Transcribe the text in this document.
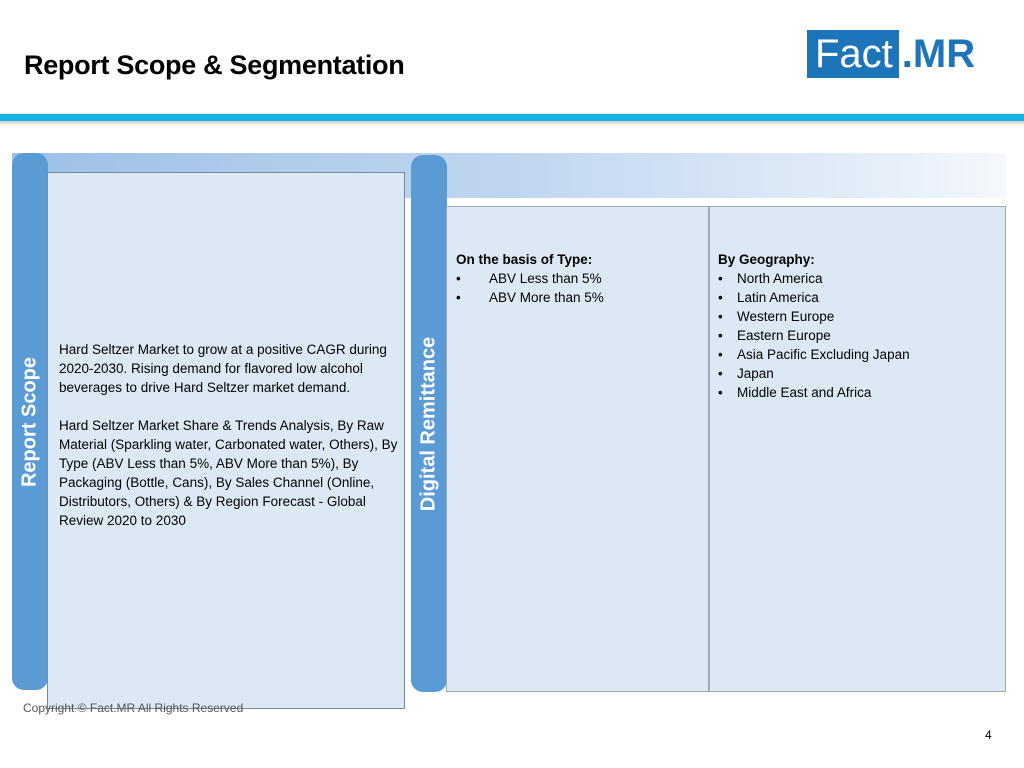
Report Scope & Segmentation	Fact .MR
Report Scope

Hard Seltzer Market to grow at a positive CAGR during 2020-2030. Rising demand for flavored low alcohol beverages to drive Hard Seltzer market demand.

Hard Seltzer Market Share & Trends Analysis, By Raw Material (Sparkling water, Carbonated water, Others), By Type (ABV Less than 5%, ABV More than 5%), By Packaging (Bottle, Cans), By Sales Channel (Online, Distributors, Others) & By Region Forecast - Global Review 2020 to 2030

Digital Remittance
On the basis of Type:
• ABV Less than 5%
• ABV More than 5%
By Geography:
• North America
• Latin America
• Western Europe
• Eastern Europe
• Asia Pacific Excluding Japan
• Japan
• Middle East and Africa
Copyright © Fact.MR All Rights Reserved
4
